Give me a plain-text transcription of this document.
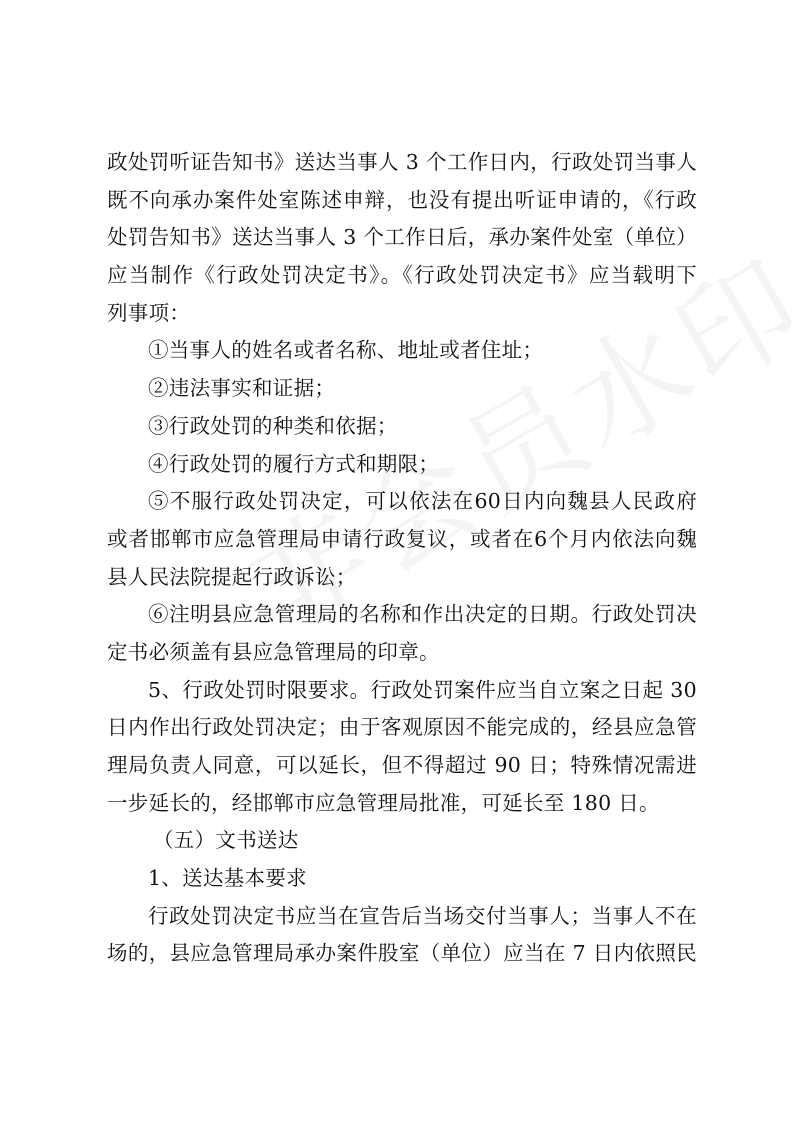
政处罚听证告知书》送达当事人 3 个工作日内，行政处罚当事人
既不向承办案件处室陈述申辩，也没有提出听证申请的，《行政
处罚告知书》送达当事人 3 个工作日后，承办案件处室（单位）
应当制作《行政处罚决定书》。《行政处罚决定书》应当载明下
列事项：
①当事人的姓名或者名称、地址或者住址；
②违法事实和证据；
③行政处罚的种类和依据；
④行政处罚的履行方式和期限；
⑤不服行政处罚决定，可以依法在60日内向魏县人民政府
或者邯郸市应急管理局申请行政复议，或者在6个月内依法向魏
县人民法院提起行政诉讼；
⑥注明县应急管理局的名称和作出决定的日期。行政处罚决
定书必须盖有县应急管理局的印章。
5、行政处罚时限要求。行政处罚案件应当自立案之日起 30
日内作出行政处罚决定；由于客观原因不能完成的，经县应急管
理局负责人同意，可以延长，但不得超过 90 日；特殊情况需进
一步延长的，经邯郸市应急管理局批准，可延长至 180 日。
（五）文书送达
1、送达基本要求
行政处罚决定书应当在宣告后当场交付当事人；当事人不在
场的，县应急管理局承办案件股室（单位）应当在 7 日内依照民
